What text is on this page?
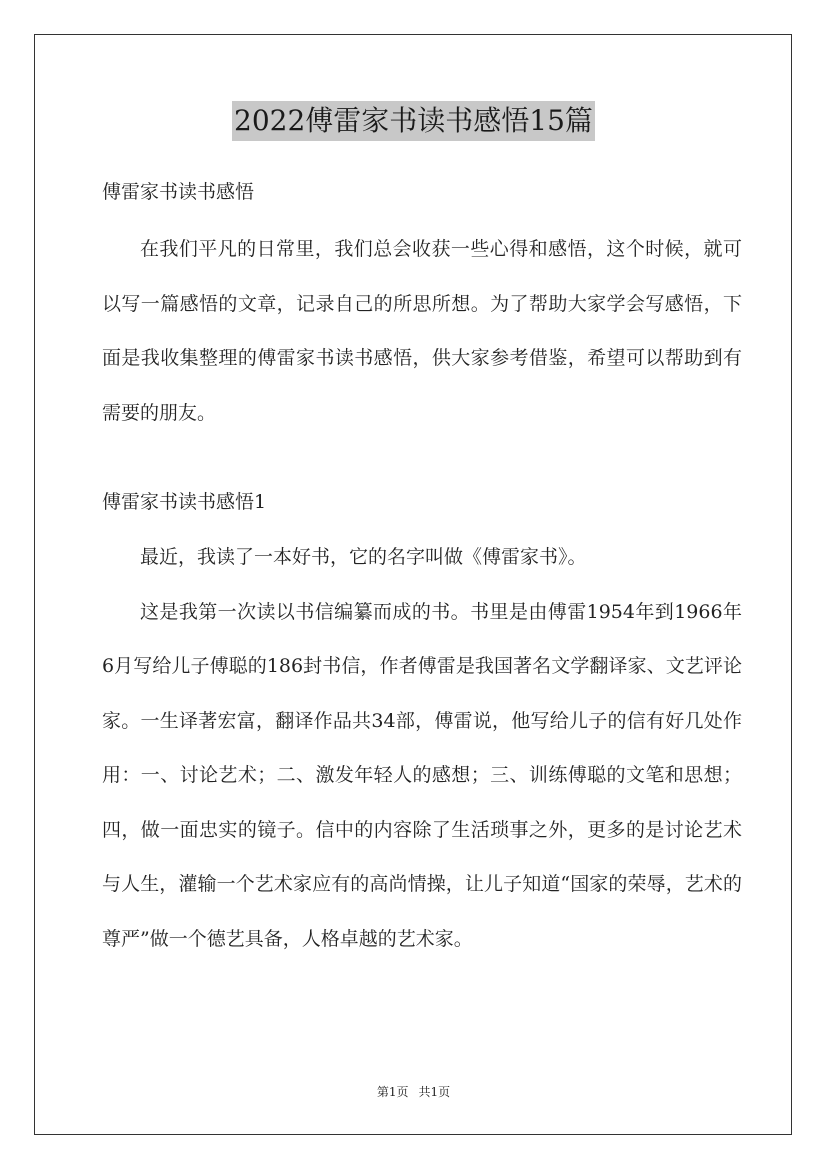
2022傅雷家书读书感悟15篇

傅雷家书读书感悟

在我们平凡的日常里，我们总会收获一些心得和感悟，这个时候，就可以写一篇感悟的文章，记录自己的所思所想。为了帮助大家学会写感悟，下面是我收集整理的傅雷家书读书感悟，供大家参考借鉴，希望可以帮助到有需要的朋友。

傅雷家书读书感悟1

最近，我读了一本好书，它的名字叫做《傅雷家书》。

这是我第一次读以书信编纂而成的书。书里是由傅雷1954年到1966年6月写给儿子傅聪的186封书信，作者傅雷是我国著名文学翻译家、文艺评论家。一生译著宏富，翻译作品共34部，傅雷说，他写给儿子的信有好几处作用：一、讨论艺术；二、激发年轻人的感想；三、训练傅聪的文笔和思想；四，做一面忠实的镜子。信中的内容除了生活琐事之外，更多的是讨论艺术与人生，灌输一个艺术家应有的高尚情操，让儿子知道“国家的荣辱，艺术的尊严”做一个德艺具备，人格卓越的艺术家。

第1页 共1页
